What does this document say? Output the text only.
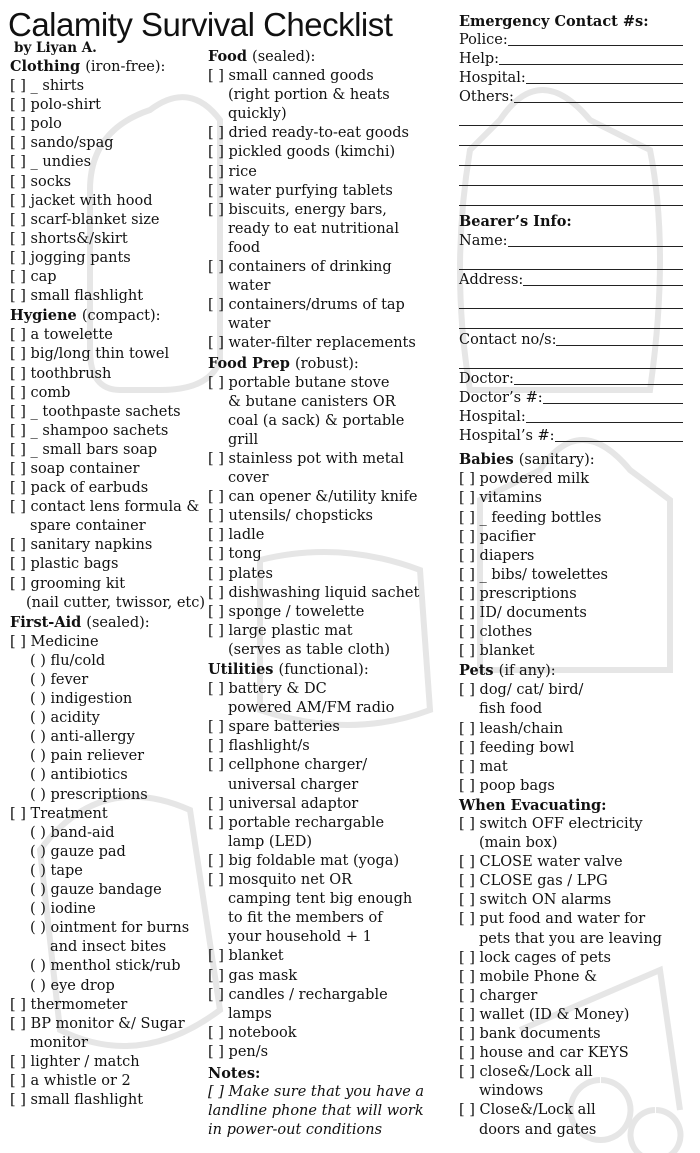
Calamity Survival Checklist
by Liyan A.
Clothing (iron-free):
[ ] _ shirts
[ ] polo-shirt
[ ] polo
[ ] sando/spag
[ ] _ undies
[ ] socks
[ ] jacket with hood
[ ] scarf-blanket size
[ ] shorts&/skirt
[ ] jogging pants
[ ] cap
[ ] small flashlight
Hygiene (compact):
[ ] a towelette
[ ] big/long thin towel
[ ] toothbrush
[ ] comb
[ ] _ toothpaste sachets
[ ] _ shampoo sachets
[ ] _ small bars soap
[ ] soap container
[ ] pack of earbuds
[ ] contact lens formula &
spare container
[ ] sanitary napkins
[ ] plastic bags
[ ] grooming kit
(nail cutter, twissor, etc)
First-Aid (sealed):
[ ] Medicine
( ) flu/cold
( ) fever
( ) indigestion
( ) acidity
( ) anti-allergy
( ) pain reliever
( ) antibiotics
( ) prescriptions
[ ] Treatment
( ) band-aid
( ) gauze pad
( ) tape
( ) gauze bandage
( ) iodine
( ) ointment for burns
and insect bites
( ) menthol stick/rub
( ) eye drop
[ ] thermometer
[ ] BP monitor &/ Sugar
monitor
[ ] lighter / match
[ ] a whistle or 2
[ ] small flashlight
Food (sealed):
[ ] small canned goods
(right portion & heats
quickly)
[ ] dried ready-to-eat goods
[ ] pickled goods (kimchi)
[ ] rice
[ ] water purfying tablets
[ ] biscuits, energy bars,
ready to eat nutritional
food
[ ] containers of drinking
water
[ ] containers/drums of tap
water
[ ] water-filter replacements
Food Prep (robust):
[ ] portable butane stove
& butane canisters OR
coal (a sack) & portable
grill
[ ] stainless pot with metal
cover
[ ] can opener &/utility knife
[ ] utensils/ chopsticks
[ ] ladle
[ ] tong
[ ] plates
[ ] dishwashing liquid sachet
[ ] sponge / towelette
[ ] large plastic mat
(serves as table cloth)
Utilities (functional):
[ ] battery & DC
powered AM/FM radio
[ ] spare batteries
[ ] flashlight/s
[ ] cellphone charger/
universal charger
[ ] universal adaptor
[ ] portable rechargable
lamp (LED)
[ ] big foldable mat (yoga)
[ ] mosquito net OR
camping tent big enough
to fit the members of
your household + 1
[ ] blanket
[ ] gas mask
[ ] candles / rechargable
lamps
[ ] notebook
[ ] pen/s
Notes:
[ ] Make sure that you have a
landline phone that will work
in power-out conditions
Emergency Contact #s:
Police:
Help:
Hospital:
Others:
Bearer’s Info:
Name:
Address:
Contact no/s:
Doctor:
Doctor’s #:
Hospital:
Hospital’s #:
Babies (sanitary):
[ ] powdered milk
[ ] vitamins
[ ] _ feeding bottles
[ ] pacifier
[ ] diapers
[ ] _ bibs/ towelettes
[ ] prescriptions
[ ] ID/ documents
[ ] clothes
[ ] blanket
Pets (if any):
[ ] dog/ cat/ bird/
fish food
[ ] leash/chain
[ ] feeding bowl
[ ] mat
[ ] poop bags
When Evacuating:
[ ] switch OFF electricity
(main box)
[ ] CLOSE water valve
[ ] CLOSE gas / LPG
[ ] switch ON alarms
[ ] put food and water for
pets that you are leaving
[ ] lock cages of pets
[ ] mobile Phone &
[ ] charger
[ ] wallet (ID & Money)
[ ] bank documents
[ ] house and car KEYS
[ ] close&/Lock all
windows
[ ] Close&/Lock all
doors and gates
